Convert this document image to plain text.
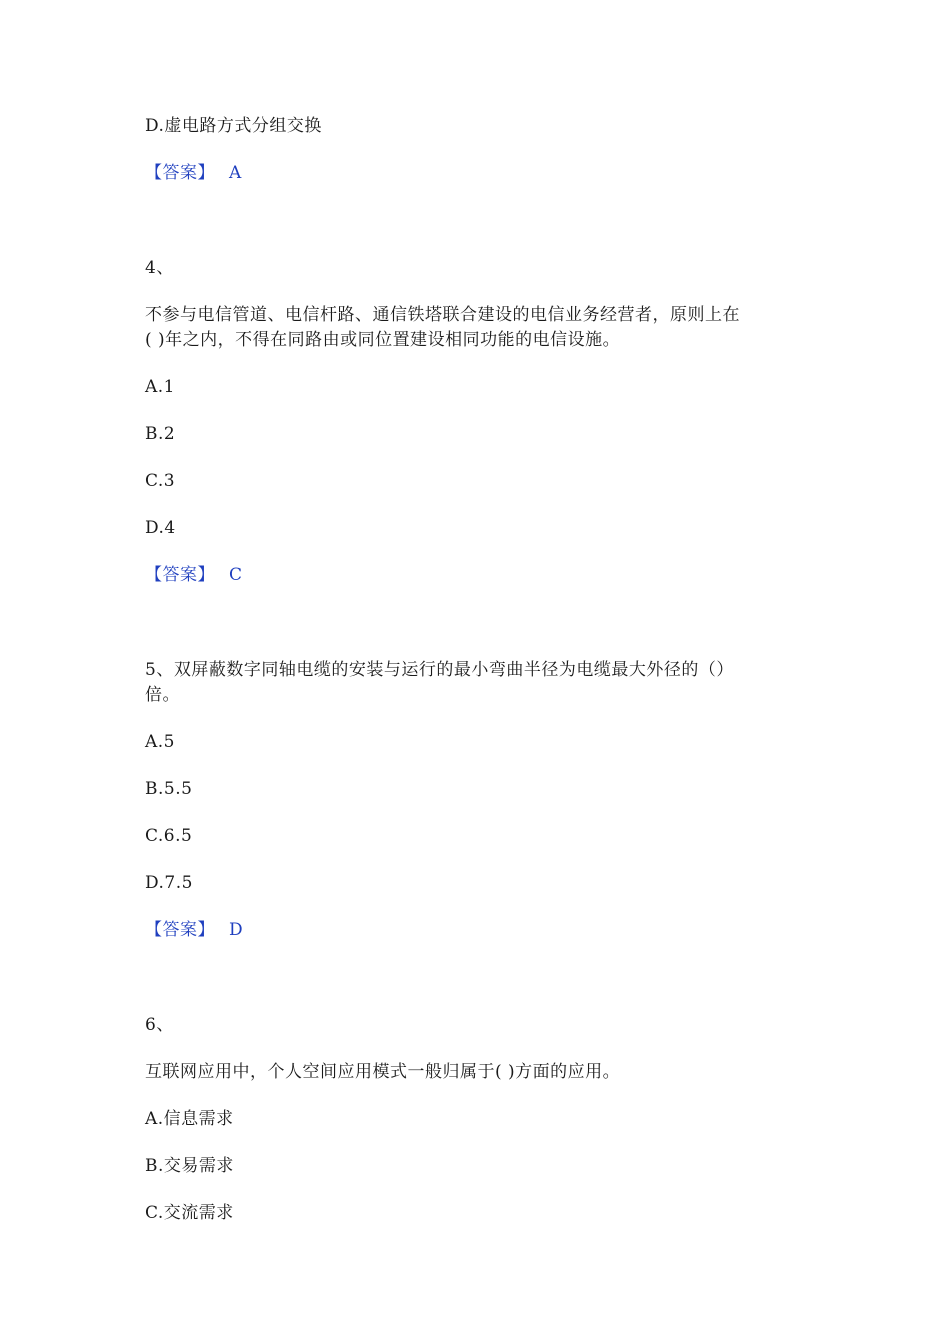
D.虚电路方式分组交换
【答案】 A
4、
不参与电信管道、电信杆路、通信铁塔联合建设的电信业务经营者，原则上在
( )年之内，不得在同路由或同位置建设相同功能的电信设施。
A.1
B.2
C.3
D.4
【答案】 C
5、双屏蔽数字同轴电缆的安装与运行的最小弯曲半径为电缆最大外径的（）
倍。
A.5
B.5.5
C.6.5
D.7.5
【答案】 D
6、
互联网应用中，个人空间应用模式一般归属于( )方面的应用。
A.信息需求
B.交易需求
C.交流需求
